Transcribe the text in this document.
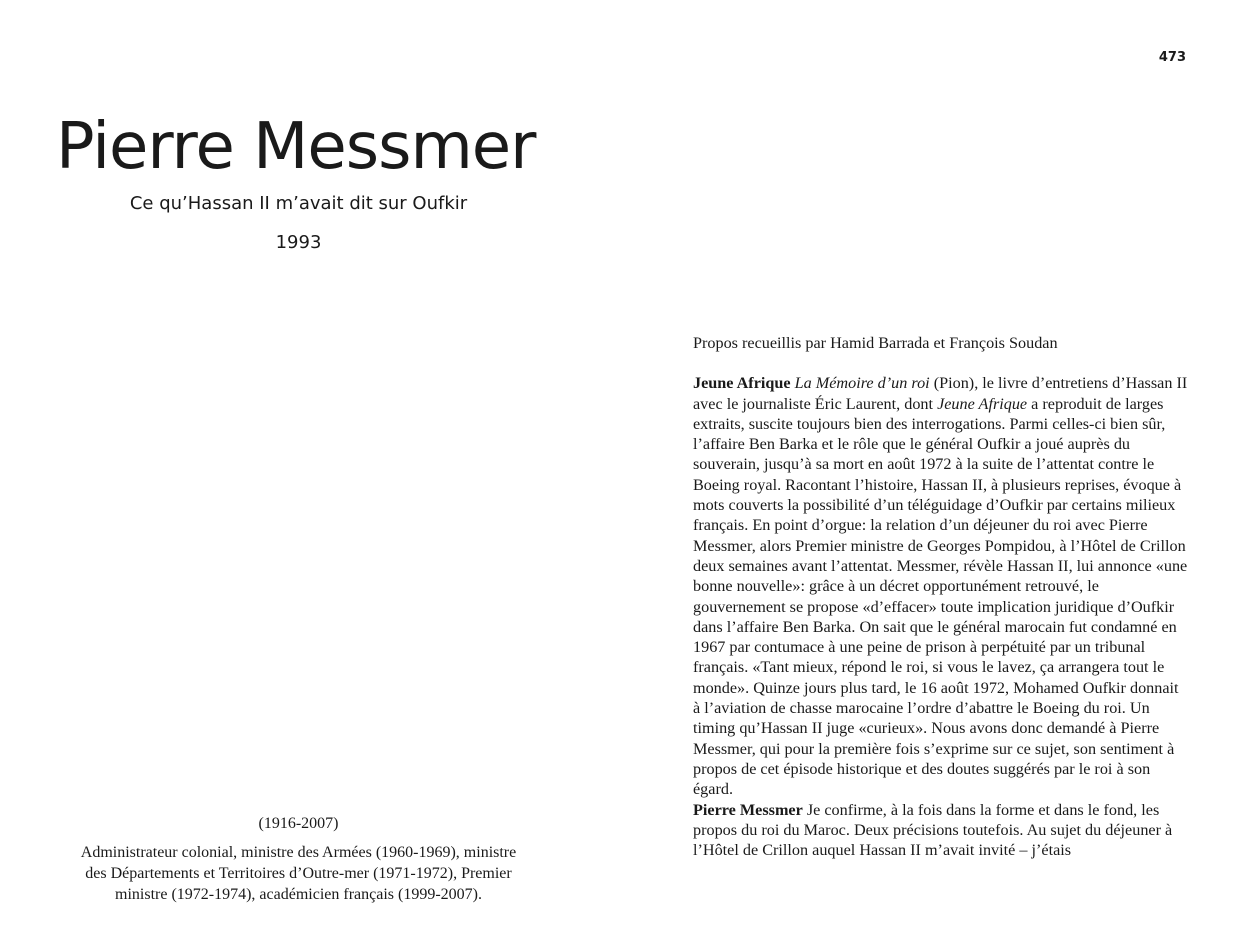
473
Pierre Messmer
Ce qu’Hassan II m’avait dit sur Oufkir
1993
(1916-2007)
Administrateur colonial, ministre des Armées (1960-1969), ministre
des Départements et Territoires d’Outre-mer (1971-1972), Premier
ministre (1972-1974), académicien français (1999-2007).

Propos recueillis par Hamid Barrada et François Soudan

Jeune Afrique La Mémoire d’un roi (Pion), le livre d’entretiens d’Hassan II avec le journaliste Éric Laurent, dont Jeune Afrique a reproduit de larges extraits, suscite toujours bien des interrogations. Parmi celles-ci bien sûr, l’affaire Ben Barka et le rôle que le général Oufkir a joué auprès du souverain, jusqu’à sa mort en août 1972 à la suite de l’attentat contre le Boeing royal. Racontant l’histoire, Hassan II, à plusieurs reprises, évoque à mots couverts la possibilité d’un téléguidage d’Oufkir par certains milieux français. En point d’orgue: la relation d’un déjeuner du roi avec Pierre Messmer, alors Premier ministre de Georges Pompidou, à l’Hôtel de Crillon deux semaines avant l’attentat. Messmer, révèle Hassan II, lui annonce «une bonne nouvelle»: grâce à un décret opportunément retrouvé, le gouvernement se propose «d’effacer» toute implication juridique d’Oufkir dans l’affaire Ben Barka. On sait que le général marocain fut condamné en 1967 par contumace à une peine de prison à perpétuité par un tribunal français. «Tant mieux, répond le roi, si vous le lavez, ça arrangera tout le monde». Quinze jours plus tard, le 16 août 1972, Mohamed Oufkir donnait à l’aviation de chasse marocaine l’ordre d’abattre le Boeing du roi. Un timing qu’Hassan II juge «curieux». Nous avons donc demandé à Pierre Messmer, qui pour la première fois s’exprime sur ce sujet, son sentiment à propos de cet épisode historique et des doutes suggérés par le roi à son égard.

Pierre Messmer Je confirme, à la fois dans la forme et dans le fond, les propos du roi du Maroc. Deux précisions toutefois. Au sujet du déjeuner à l’Hôtel de Crillon auquel Hassan II m’avait invité – j’étais
